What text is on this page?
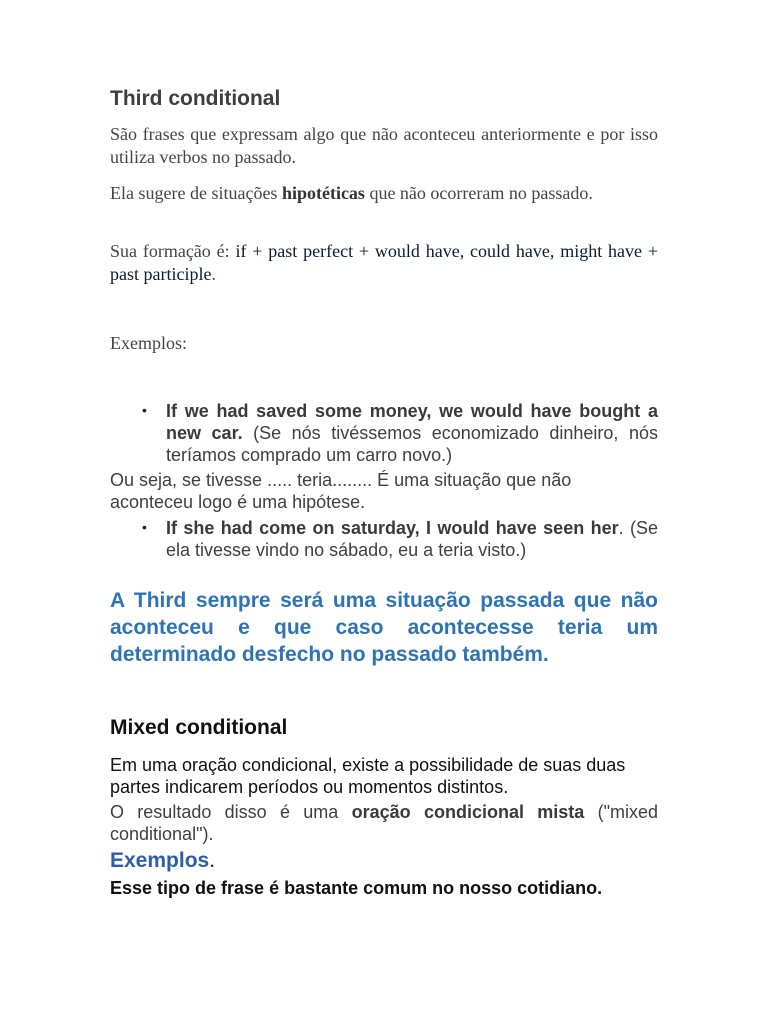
Third conditional

São frases que expressam algo que não aconteceu anteriormente e por isso utiliza verbos no passado.

Ela sugere de situações hipotéticas que não ocorreram no passado.

Sua formação é: if + past perfect + would have, could have, might have + past participle.

Exemplos:

• If we had saved some money, we would have bought a new car. (Se nós tivéssemos economizado dinheiro, nós teríamos comprado um carro novo.)

Ou seja, se tivesse ..... teria........ É uma situação que não aconteceu logo é uma hipótese.

• If she had come on saturday, I would have seen her. (Se ela tivesse vindo no sábado, eu a teria visto.)

A Third sempre será uma situação passada que não aconteceu e que caso acontecesse teria um determinado desfecho no passado também.

Mixed conditional

Em uma oração condicional, existe a possibilidade de suas duas partes indicarem períodos ou momentos distintos.

O resultado disso é uma oração condicional mista ("mixed conditional").

Exemplos.

Esse tipo de frase é bastante comum no nosso cotidiano.
